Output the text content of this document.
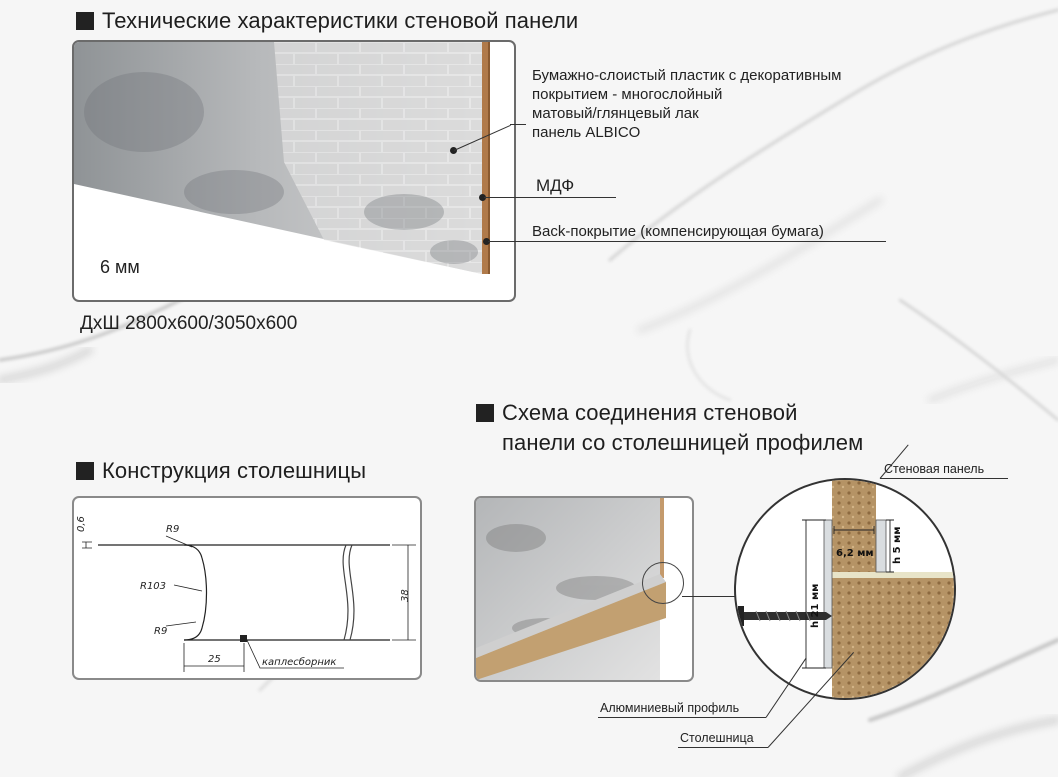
Технические характеристики стеновой панели
6 мм
Бумажно-слоистый пластик с декоративным
покрытием - многослойный
матовый/глянцевый лак
панель ALBICO
МДФ
Back-покрытие (компенсирующая бумага)
ДхШ 2800х600/3050х600
Конструкция столешницы
0,6	R9
R103
R9
25
38
каплесборник
Схема соединения стеновой
панели со столешницей профилем
6,2 мм h 5 мм
h 21 мм
Стеновая панель
Алюминиевый профиль
Столешница
